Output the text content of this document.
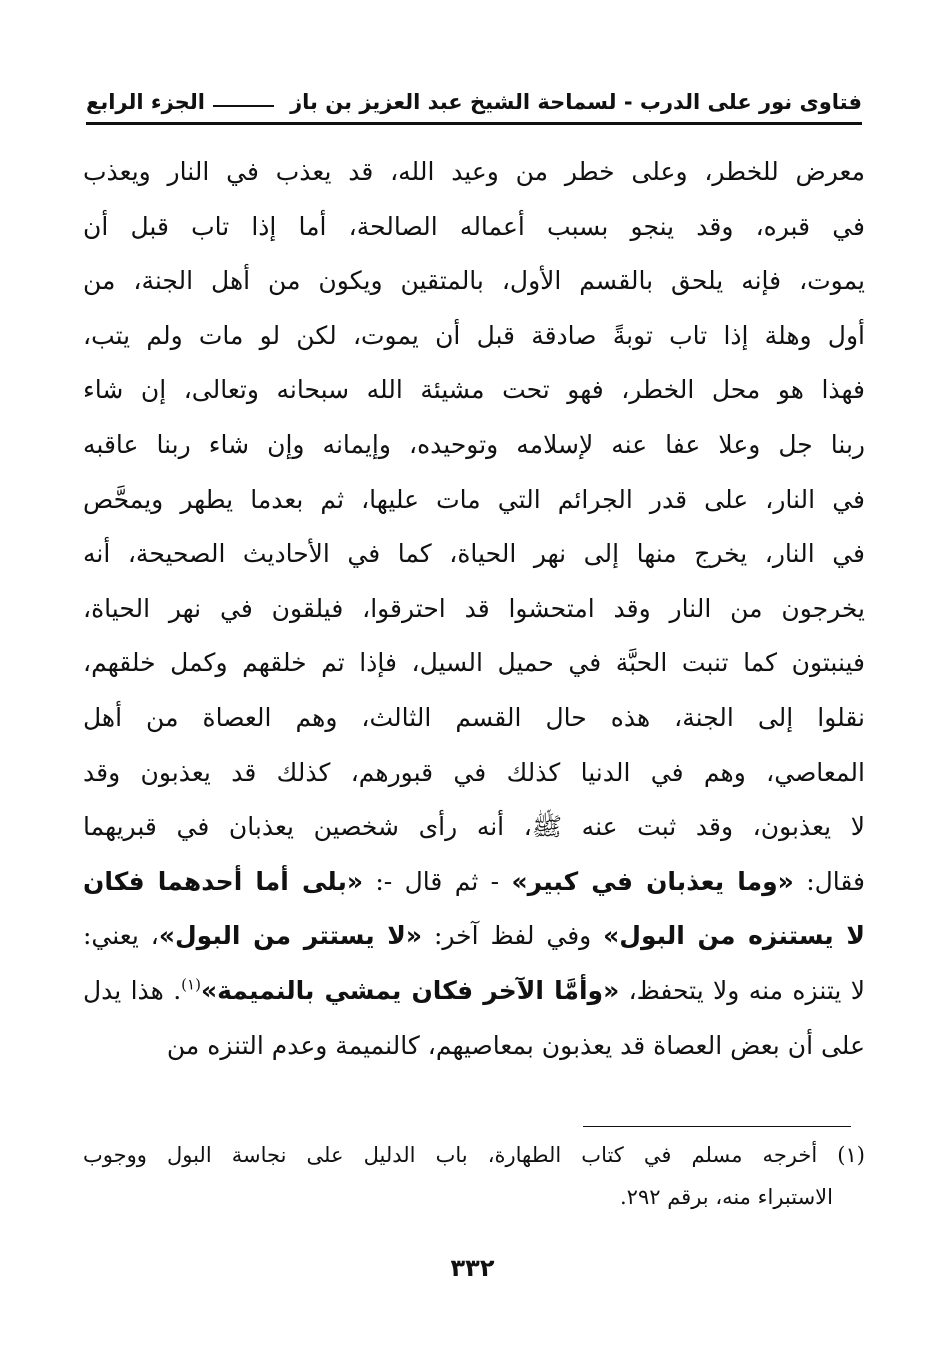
فتاوى نور على الدرب - لسماحة الشيخ عبد العزيز بن باز
الجزء الرابع
معرض للخطر، وعلى خطر من وعيد الله، قد يعذب في النار ويعذب
في قبره، وقد ينجو بسبب أعماله الصالحة، أما إذا تاب قبل أن
يموت، فإنه يلحق بالقسم الأول، بالمتقين ويكون من أهل الجنة، من
أول وهلة إذا تاب توبةً صادقة قبل أن يموت، لكن لو مات ولم يتب،
فهذا هو محل الخطر، فهو تحت مشيئة الله سبحانه وتعالى، إن شاء
ربنا جل وعلا عفا عنه لإسلامه وتوحيده، وإيمانه وإن شاء ربنا عاقبه
في النار، على قدر الجرائم التي مات عليها، ثم بعدما يطهر ويمحَّص
في النار، يخرج منها إلى نهر الحياة، كما في الأحاديث الصحيحة، أنه
يخرجون من النار وقد امتحشوا قد احترقوا، فيلقون في نهر الحياة،
فينبتون كما تنبت الحبَّة في حميل السيل، فإذا تم خلقهم وكمل خلقهم،
نقلوا إلى الجنة، هذه حال القسم الثالث، وهم العصاة من أهل
المعاصي، وهم في الدنيا كذلك في قبورهم، كذلك قد يعذبون وقد
لا يعذبون، وقد ثبت عنه ﷺ، أنه رأى شخصين يعذبان في قبريهما
فقال: «وما يعذبان في كبير» - ثم قال -: «بلى أما أحدهما فكان
لا يستنزه من البول» وفي لفظ آخر: «لا يستتر من البول»، يعني:
لا يتنزه منه ولا يتحفظ، «وأمَّا الآخر فكان يمشي بالنميمة»$^{(١)}$. هذا يدل
على أن بعض العصاة قد يعذبون بمعاصيهم، كالنميمة وعدم التنزه من
(١) أخرجه مسلم في كتاب الطهارة، باب الدليل على نجاسة البول ووجوب
الاستبراء منه، برقم ٢٩٢.
٣٣٢
